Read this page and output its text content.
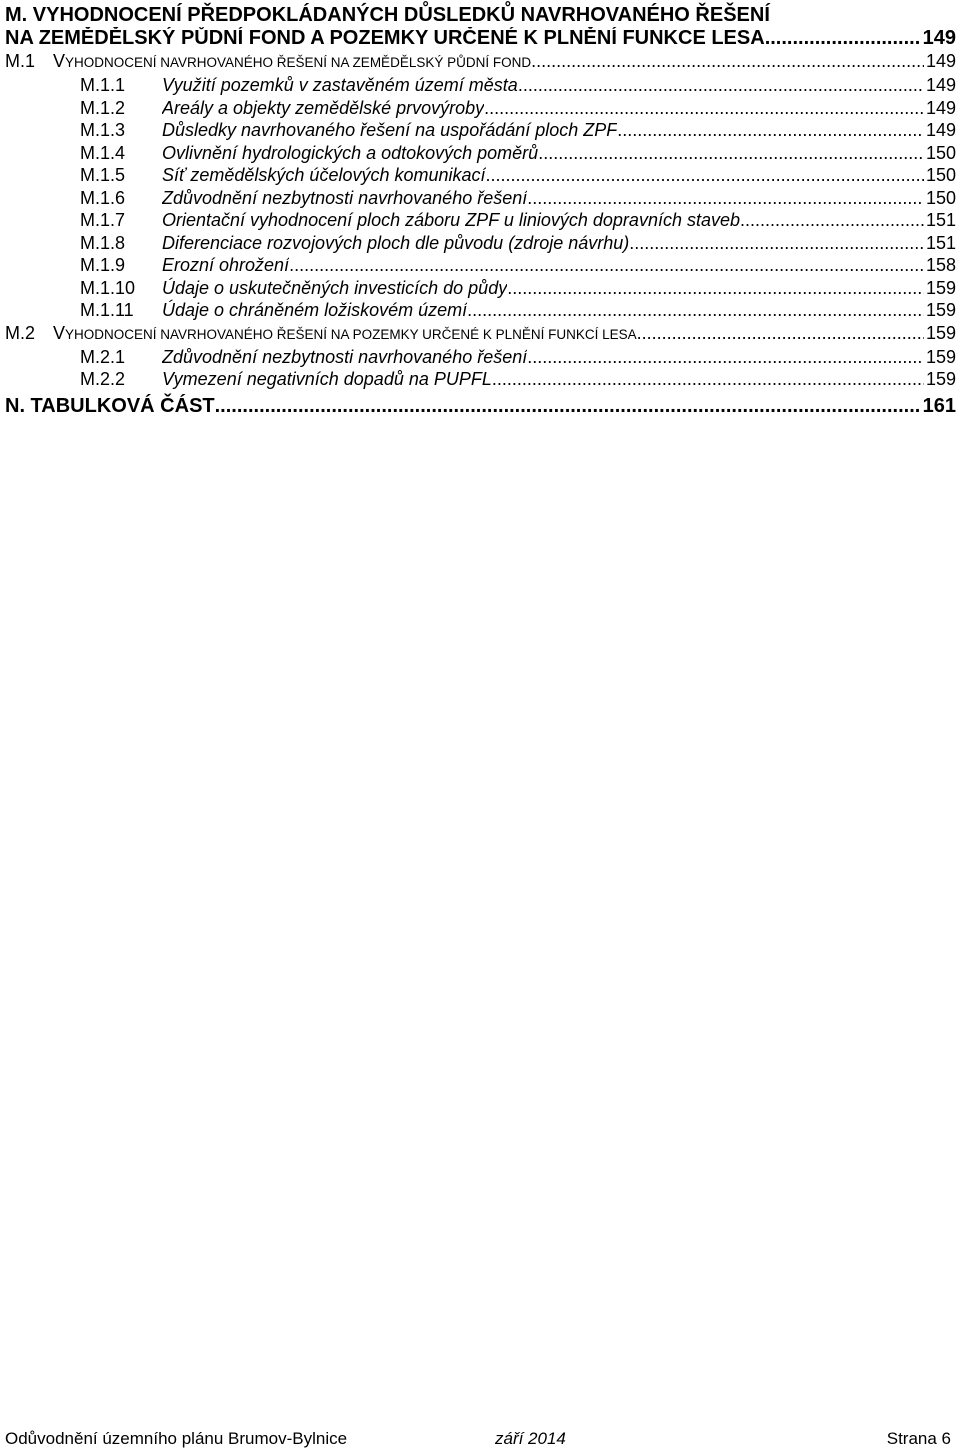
M. VYHODNOCENÍ PŘEDPOKLÁDANÝCH DŮSLEDKŮ NAVRHOVANÉHO ŘEŠENÍ
NA ZEMĚDĚLSKÝ PŮDNÍ FOND A POZEMKY URČENÉ K PLNĚNÍ FUNKCE LESA .....	149
M.1 VYHODNOCENÍ NAVRHOVANÉHO ŘEŠENÍ NA ZEMĚDĚLSKÝ PŮDNÍ FOND .....	149
M.1.1	Využití pozemků v zastavěném území města .....	149
M.1.2	Areály a objekty zemědělské prvovýroby .....	149
M.1.3	Důsledky navrhovaného řešení na uspořádání ploch ZPF .....	149
M.1.4	Ovlivnění hydrologických a odtokových poměrů .....	150
M.1.5	Síť zemědělských účelových komunikací .....	150
M.1.6	Zdůvodnění nezbytnosti navrhovaného řešení .....	150
M.1.7	Orientační vyhodnocení ploch záboru ZPF u liniových dopravních staveb .....	151
M.1.8	Diferenciace rozvojových ploch dle původu (zdroje návrhu) .....	151
M.1.9	Erozní ohrožení .....	158
M.1.10	Údaje o uskutečněných investicích do půdy .....	159
M.1.11	Údaje o chráněném ložiskovém území .....	159
M.2 VYHODNOCENÍ NAVRHOVANÉHO ŘEŠENÍ NA POZEMKY URČENÉ K PLNĚNÍ FUNKCÍ LESA .....	159
M.2.1	Zdůvodnění nezbytnosti navrhovaného řešení .....	159
M.2.2	Vymezení negativních dopadů na PUPFL .....	159
N. TABULKOVÁ ČÁST .....	161
Odůvodnění územního plánu Brumov-Bylnice	září 2014	Strana 6
